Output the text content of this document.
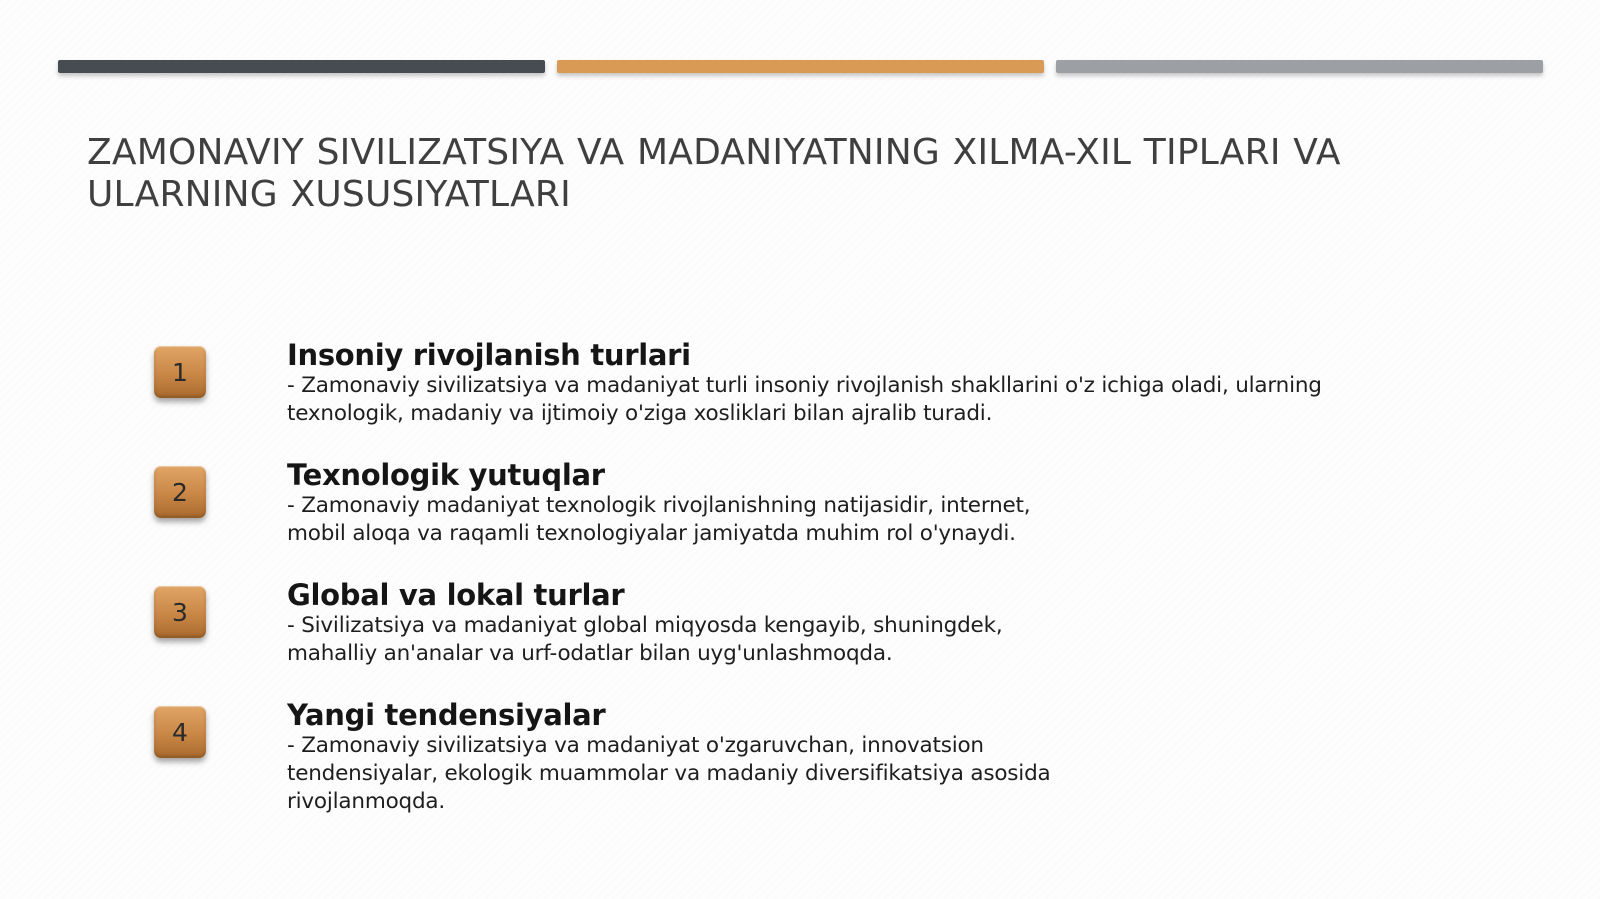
ZAMONAVIY SIVILIZATSIYA VA MADANIYATNING XILMA-XIL TIPLARI VA ULARNING XUSUSIYATLARI
1	Insoniy rivojlanish turlari

- Zamonaviy sivilizatsiya va madaniyat turli insoniy rivojlanish shakllarini o'z ichiga oladi, ularning
texnologik, madaniy va ijtimoiy o'ziga xosliklari bilan ajralib turadi.

2	Texnologik yutuqlar

- Zamonaviy madaniyat texnologik rivojlanishning natijasidir, internet,
mobil aloqa va raqamli texnologiyalar jamiyatda muhim rol o'ynaydi.

3	Global va lokal turlar

- Sivilizatsiya va madaniyat global miqyosda kengayib, shuningdek,
mahalliy an'analar va urf-odatlar bilan uyg'unlashmoqda.

4	Yangi tendensiyalar

- Zamonaviy sivilizatsiya va madaniyat o'zgaruvchan, innovatsion
tendensiyalar, ekologik muammolar va madaniy diversifikatsiya asosida
rivojlanmoqda.
